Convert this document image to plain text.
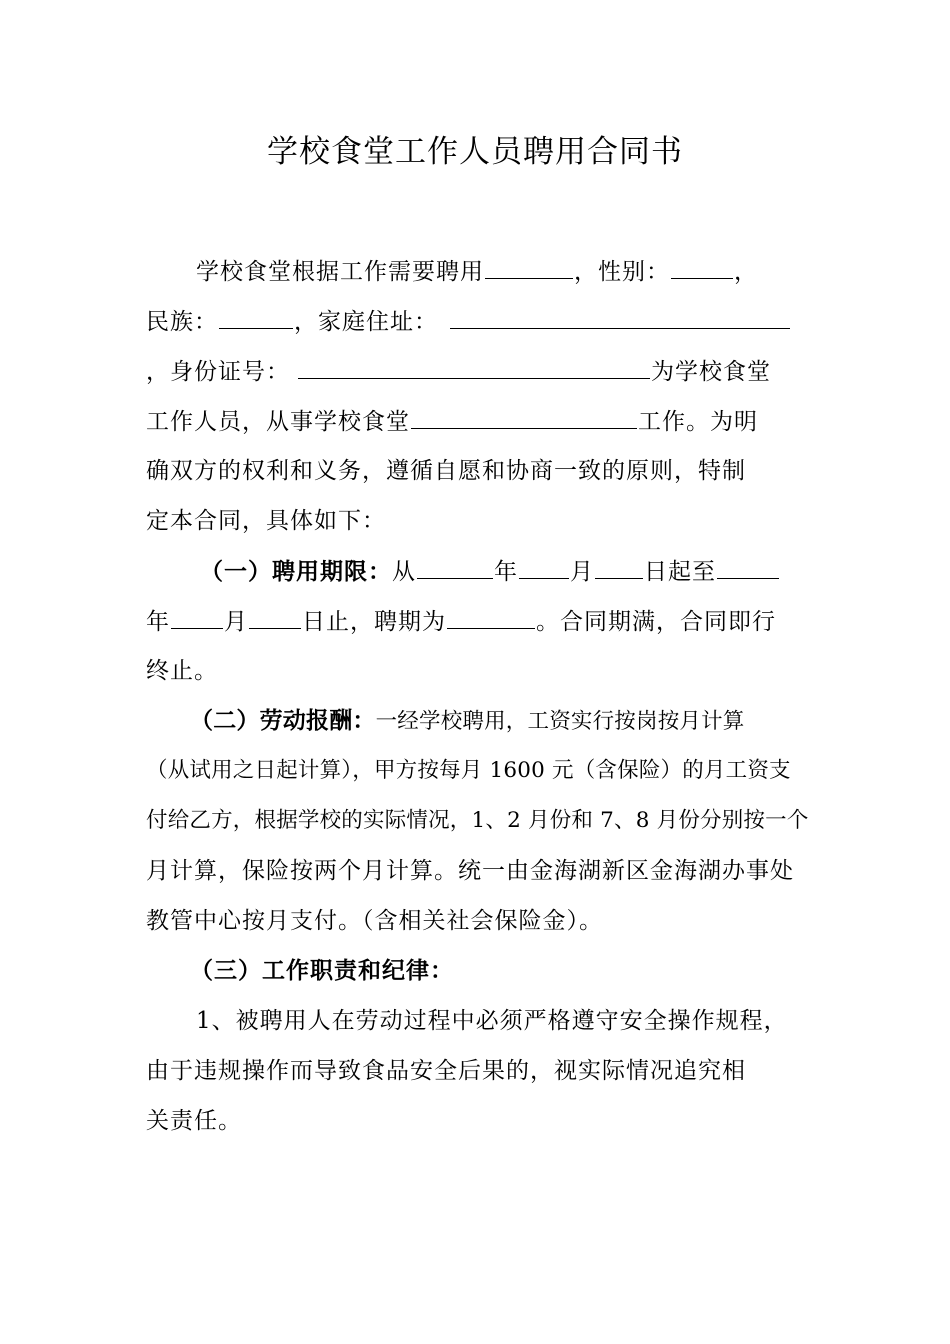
学校食堂工作人员聘用合同书
学校食堂根据工作需要聘用	，性别：	，
民族：	，家庭住址：
，身份证号：	为学校食堂
工作人员，从事学校食堂	工作。为明
确双方的权利和义务，遵循自愿和协商一致的原则，特制
定本合同，具体如下：
（一）聘用期限：从	年 月 日起至
年 月 日止，聘期为	。合同期满，合同即行
终止。
（二）劳动报酬：一经学校聘用，工资实行按岗按月计算
（从试用之日起计算），甲方按每月 1600 元（含保险）的月工资支
付给乙方，根据学校的实际情况，1、2 月份和 7、8 月份分别按一个
月计算，保险按两个月计算。统一由金海湖新区金海湖办事处
教管中心按月支付。（含相关社会保险金）。
（三）工作职责和纪律：
1、被聘用人在劳动过程中必须严格遵守安全操作规程，
由于违规操作而导致食品安全后果的，视实际情况追究相
关责任。
